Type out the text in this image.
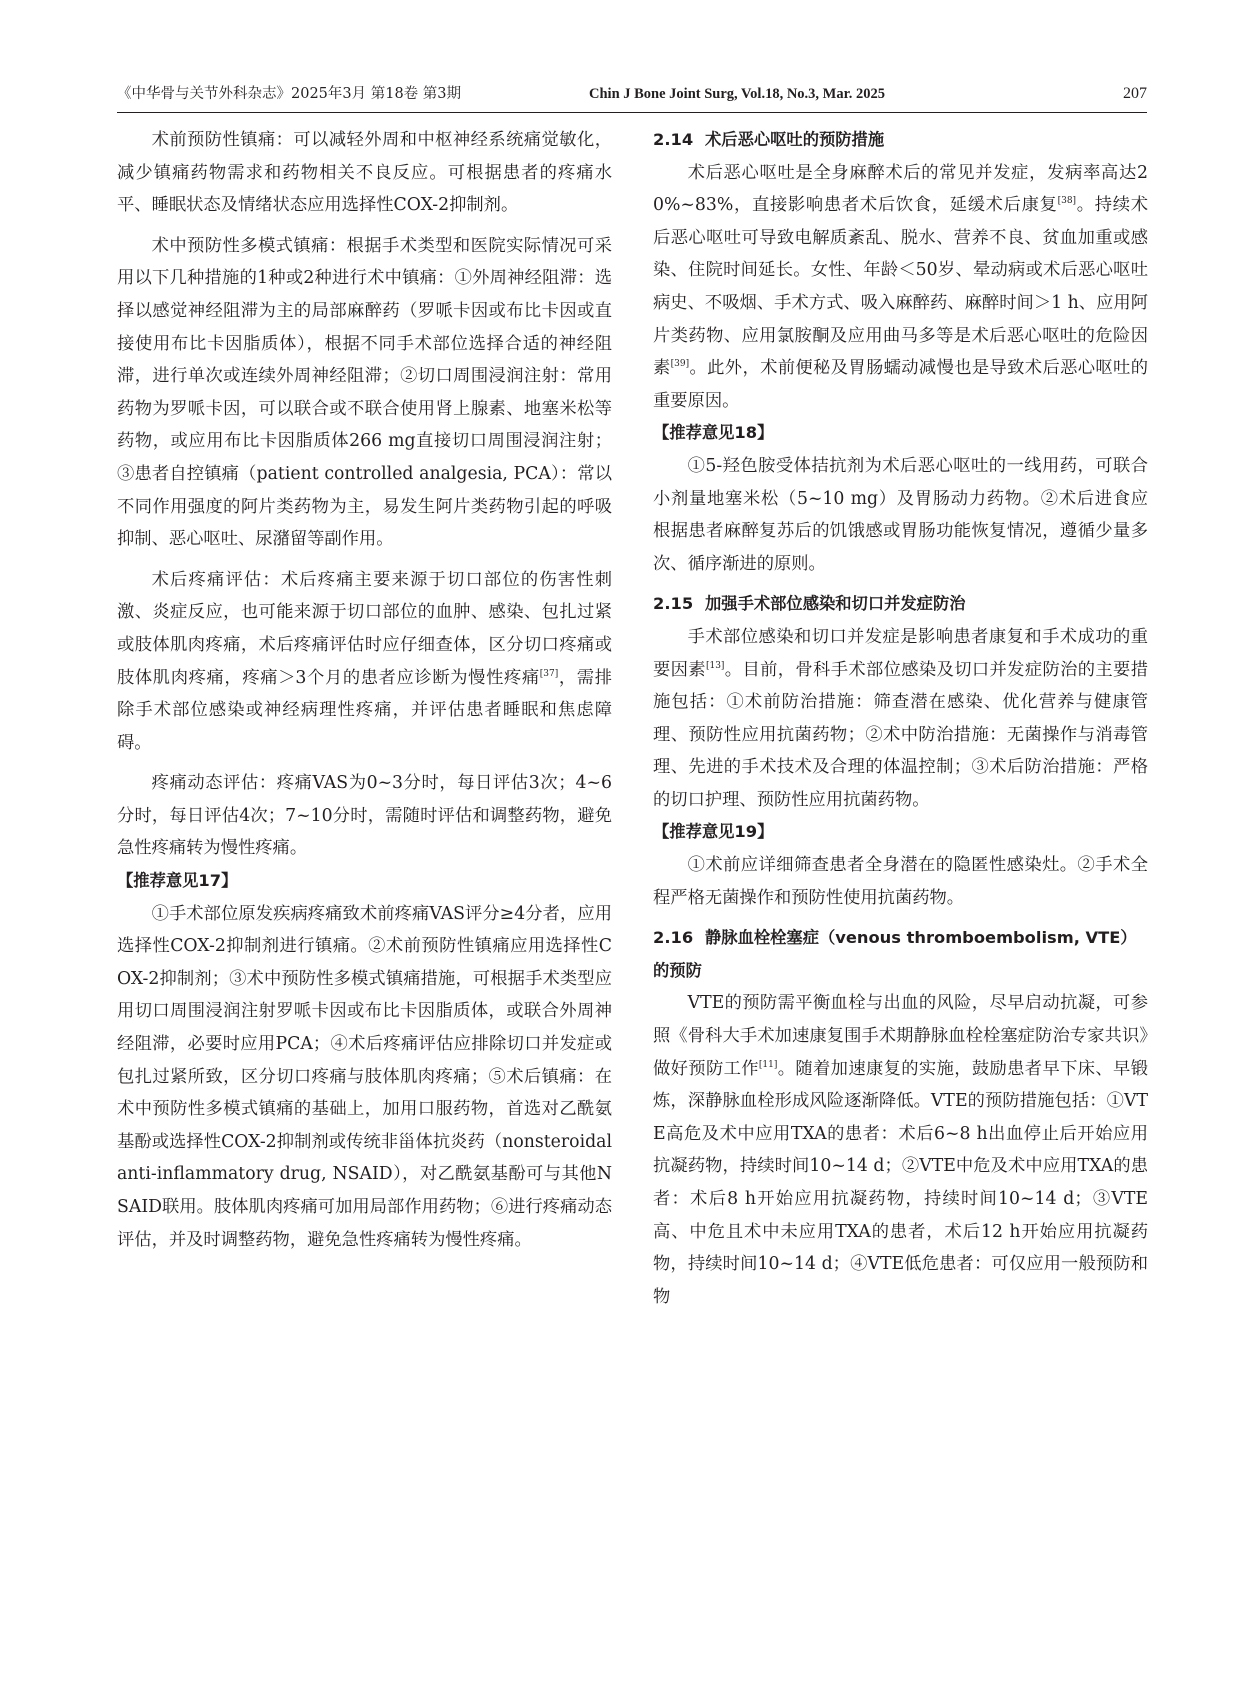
《中华骨与关节外科杂志》2025年3月 第18卷 第3期	Chin J Bone Joint Surg, Vol.18, No.3, Mar. 2025	207

术前预防性镇痛：可以减轻外周和中枢神经系统痛觉敏化，减少镇痛药物需求和药物相关不良反应。可根据患者的疼痛水平、睡眠状态及情绪状态应用选择性COX-2抑制剂。

术中预防性多模式镇痛：根据手术类型和医院实际情况可采用以下几种措施的1种或2种进行术中镇痛：①外周神经阻滞：选择以感觉神经阻滞为主的局部麻醉药（罗哌卡因或布比卡因或直接使用布比卡因脂质体），根据不同手术部位选择合适的神经阻滞，进行单次或连续外周神经阻滞；②切口周围浸润注射：常用药物为罗哌卡因，可以联合或不联合使用肾上腺素、地塞米松等药物，或应用布比卡因脂质体266 mg直接切口周围浸润注射；③患者自控镇痛（patient controlled analgesia, PCA）：常以不同作用强度的阿片类药物为主，易发生阿片类药物引起的呼吸抑制、恶心呕吐、尿潴留等副作用。

术后疼痛评估：术后疼痛主要来源于切口部位的伤害性刺激、炎症反应，也可能来源于切口部位的血肿、感染、包扎过紧或肢体肌肉疼痛，术后疼痛评估时应仔细查体，区分切口疼痛或肢体肌肉疼痛，疼痛＞3个月的患者应诊断为慢性疼痛[37]，需排除手术部位感染或神经病理性疼痛，并评估患者睡眠和焦虑障碍。

疼痛动态评估：疼痛VAS为0~3分时，每日评估3次；4~6分时，每日评估4次；7~10分时，需随时评估和调整药物，避免急性疼痛转为慢性疼痛。

【推荐意见17】

①手术部位原发疾病疼痛致术前疼痛VAS评分≥4分者，应用选择性COX-2抑制剂进行镇痛。②术前预防性镇痛应用选择性COX-2抑制剂；③术中预防性多模式镇痛措施，可根据手术类型应用切口周围浸润注射罗哌卡因或布比卡因脂质体，或联合外周神经阻滞，必要时应用PCA；④术后疼痛评估应排除切口并发症或包扎过紧所致，区分切口疼痛与肢体肌肉疼痛；⑤术后镇痛：在术中预防性多模式镇痛的基础上，加用口服药物，首选对乙酰氨基酚或选择性COX-2抑制剂或传统非甾体抗炎药（nonsteroidal anti-inflammatory drug, NSAID），对乙酰氨基酚可与其他NSAID联用。肢体肌肉疼痛可加用局部作用药物；⑥进行疼痛动态评估，并及时调整药物，避免急性疼痛转为慢性疼痛。

2.14 术后恶心呕吐的预防措施

术后恶心呕吐是全身麻醉术后的常见并发症，发病率高达20%~83%，直接影响患者术后饮食，延缓术后康复[38]。持续术后恶心呕吐可导致电解质紊乱、脱水、营养不良、贫血加重或感染、住院时间延长。女性、年龄＜50岁、晕动病或术后恶心呕吐病史、不吸烟、手术方式、吸入麻醉药、麻醉时间＞1 h、应用阿片类药物、应用氯胺酮及应用曲马多等是术后恶心呕吐的危险因素[39]。此外，术前便秘及胃肠蠕动减慢也是导致术后恶心呕吐的重要原因。

【推荐意见18】

①5-羟色胺受体拮抗剂为术后恶心呕吐的一线用药，可联合小剂量地塞米松（5~10 mg）及胃肠动力药物。②术后进食应根据患者麻醉复苏后的饥饿感或胃肠功能恢复情况，遵循少量多次、循序渐进的原则。

2.15 加强手术部位感染和切口并发症防治

手术部位感染和切口并发症是影响患者康复和手术成功的重要因素[13]。目前，骨科手术部位感染及切口并发症防治的主要措施包括：①术前防治措施：筛查潜在感染、优化营养与健康管理、预防性应用抗菌药物；②术中防治措施：无菌操作与消毒管理、先进的手术技术及合理的体温控制；③术后防治措施：严格的切口护理、预防性应用抗菌药物。

【推荐意见19】

①术前应详细筛查患者全身潜在的隐匿性感染灶。②手术全程严格无菌操作和预防性使用抗菌药物。

2.16 静脉血栓栓塞症（venous thromboembolism, VTE）的预防

VTE的预防需平衡血栓与出血的风险，尽早启动抗凝，可参照《骨科大手术加速康复围手术期静脉血栓栓塞症防治专家共识》做好预防工作[11]。随着加速康复的实施，鼓励患者早下床、早锻炼，深静脉血栓形成风险逐渐降低。VTE的预防措施包括：①VTE高危及术中应用TXA的患者：术后6~8 h出血停止后开始应用抗凝药物，持续时间10~14 d；②VTE中危及术中应用TXA的患者：术后8 h开始应用抗凝药物，持续时间10~14 d；③VTE高、中危且术中未应用TXA的患者，术后12 h开始应用抗凝药物，持续时间10~14 d；④VTE低危患者：可仅应用一般预防和物
